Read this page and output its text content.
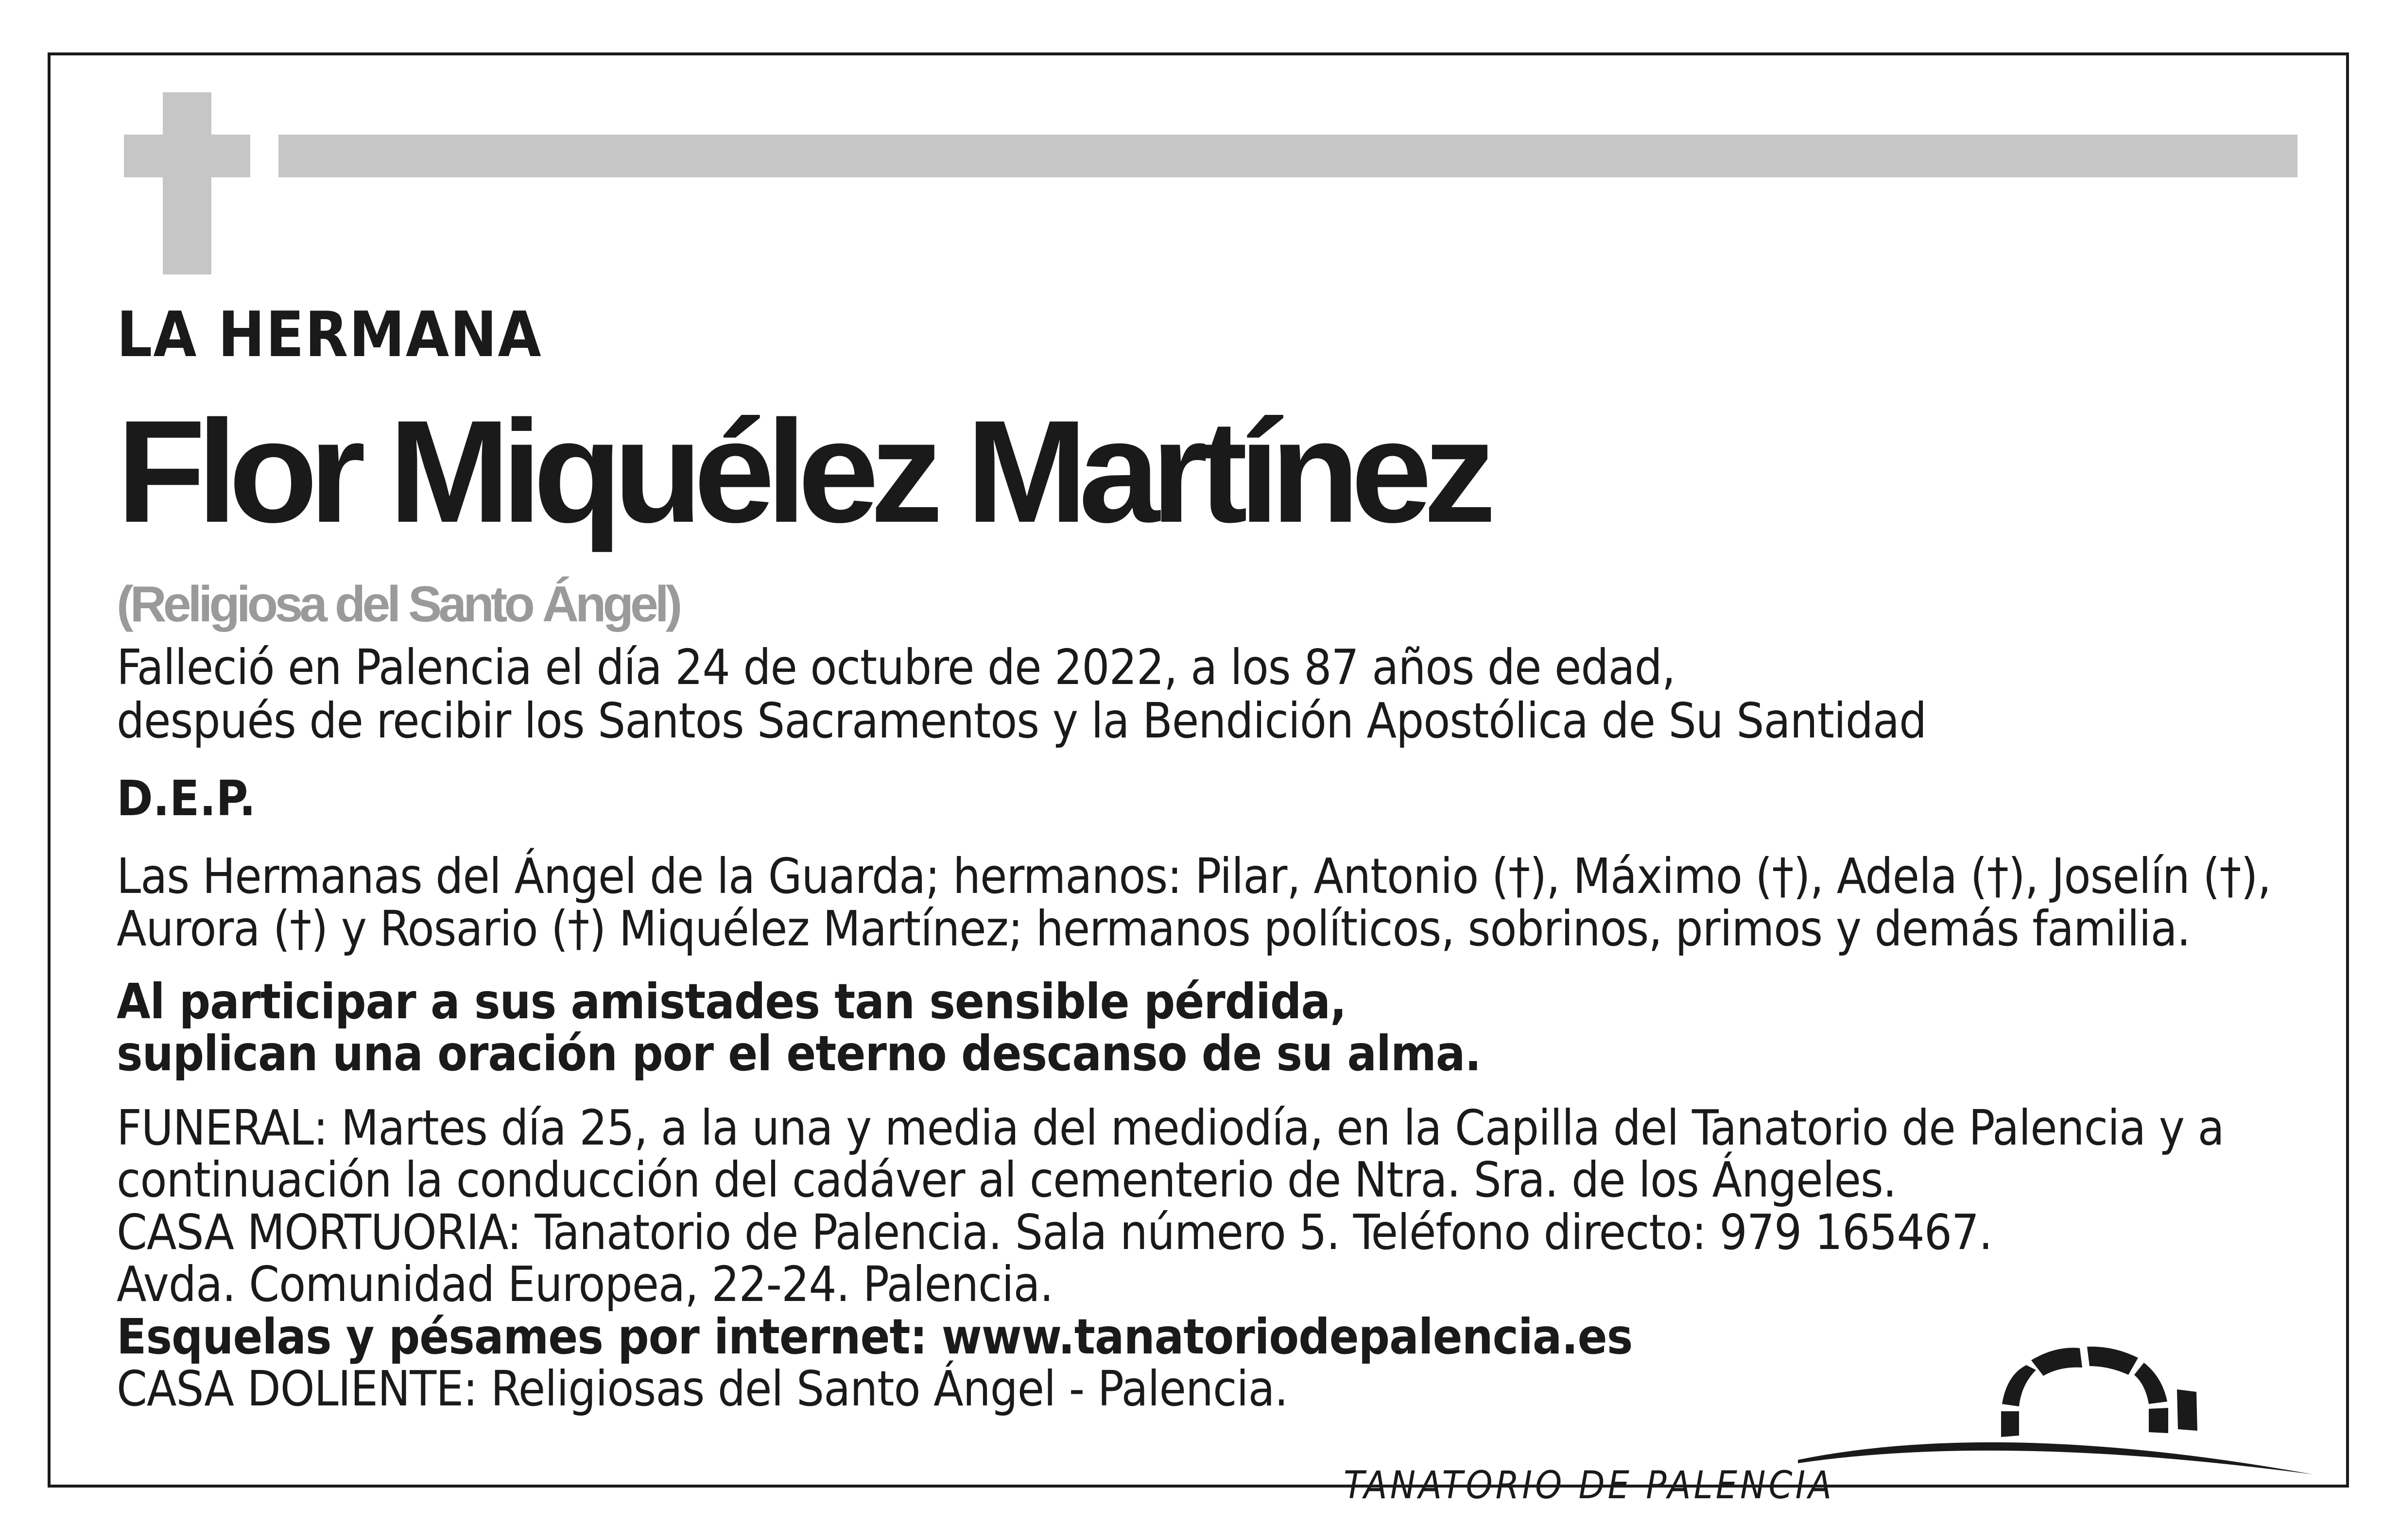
LA HERMANA

Flor Miquélez Martínez

(Religiosa del Santo Ángel)

Falleció en Palencia el día 24 de octubre de 2022, a los 87 años de edad,

después de recibir los Santos Sacramentos y la Bendición Apostólica de Su Santidad

D.E.P.

Las Hermanas del Ángel de la Guarda; hermanos: Pilar, Antonio (†), Máximo (†), Adela (†), Joselín (†),

Aurora (†) y Rosario (†) Miquélez Martínez; hermanos políticos, sobrinos, primos y demás familia.

Al participar a sus amistades tan sensible pérdida,

suplican una oración por el eterno descanso de su alma.

FUNERAL: Martes día 25, a la una y media del mediodía, en la Capilla del Tanatorio de Palencia y a

continuación la conducción del cadáver al cementerio de Ntra. Sra. de los Ángeles.

CASA MORTUORIA: Tanatorio de Palencia. Sala número 5. Teléfono directo: 979 165467.

Avda. Comunidad Europea, 22-24. Palencia.

Esquelas y pésames por internet: www.tanatoriodepalencia.es

CASA DOLIENTE: Religiosas del Santo Ángel - Palencia.

TANATORIO DE PALENCIA
